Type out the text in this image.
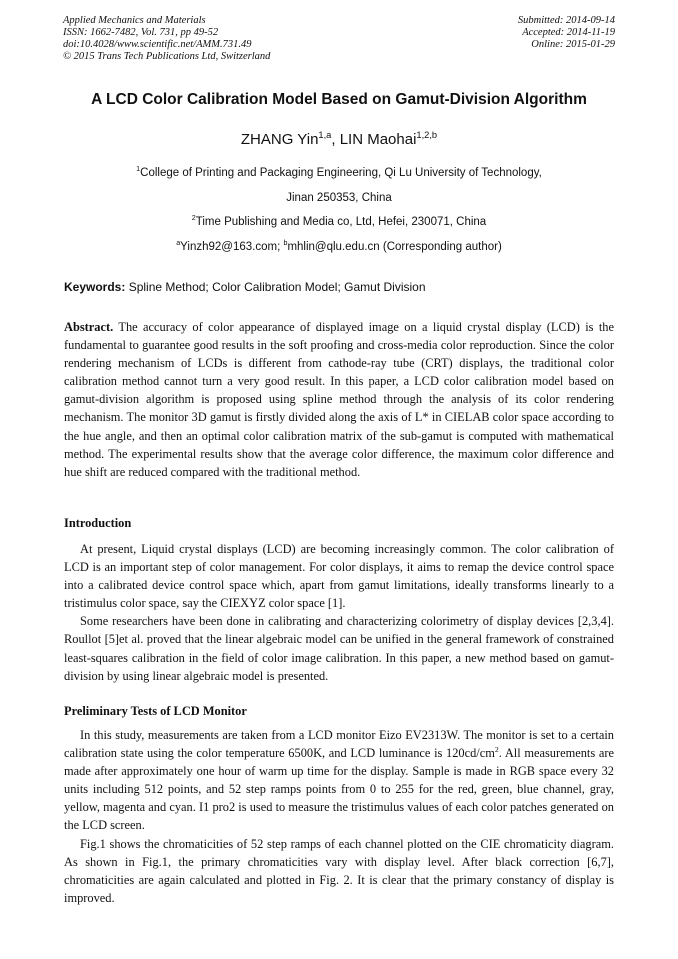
Applied Mechanics and Materials
ISSN: 1662-7482, Vol. 731, pp 49-52
doi:10.4028/www.scientific.net/AMM.731.49
© 2015 Trans Tech Publications Ltd, Switzerland
Submitted: 2014-09-14
Accepted: 2014-11-19
Online: 2015-01-29
A LCD Color Calibration Model Based on Gamut-Division Algorithm
ZHANG Yin$^{1,a}$, LIN Maohai$^{1,2,b}$
$^1$College of Printing and Packaging Engineering, Qi Lu University of Technology,
Jinan 250353, China
$^2$Time Publishing and Media co, Ltd, Hefei, 230071, China
$^a$Yinzh92@163.com; $^b$mhlin@qlu.edu.cn (Corresponding author)
Keywords: Spline Method; Color Calibration Model; Gamut Division

Abstract. The accuracy of color appearance of displayed image on a liquid crystal display (LCD) is the fundamental to guarantee good results in the soft proofing and cross-media color reproduction. Since the color rendering mechanism of LCDs is different from cathode-ray tube (CRT) displays, the traditional color calibration method cannot turn a very good result. In this paper, a LCD color calibration model based on gamut-division algorithm is proposed using spline method through the analysis of its color rendering mechanism. The monitor 3D gamut is firstly divided along the axis of L* in CIELAB color space according to the hue angle, and then an optimal color calibration matrix of the sub-gamut is computed with mathematical method. The experimental results show that the average color difference, the maximum color difference and hue shift are reduced compared with the traditional method.

Introduction

At present, Liquid crystal displays (LCD) are becoming increasingly common. The color calibration of LCD is an important step of color management. For color displays, it aims to remap the device control space into a calibrated device control space which, apart from gamut limitations, ideally transforms linearly to a tristimulus color space, say the CIEXYZ color space [1].

Some researchers have been done in calibrating and characterizing colorimetry of display devices [2,3,4]. Roullot [5]et al. proved that the linear algebraic model can be unified in the general framework of constrained least-squares calibration in the field of color image calibration. In this paper, a new method based on gamut-division by using linear algebraic model is presented.

Preliminary Tests of LCD Monitor

In this study, measurements are taken from a LCD monitor Eizo EV2313W. The monitor is set to a certain calibration state using the color temperature 6500K, and LCD luminance is $120cd/cm^2$. All measurements are made after approximately one hour of warm up time for the display. Sample is made in RGB space every 32 units including 512 points, and 52 step ramps points from 0 to 255 for the red, green, blue channel, gray, yellow, magenta and cyan. I1 pro2 is used to measure the tristimulus values of each color patches generated on the LCD screen.

Fig.1 shows the chromaticities of 52 step ramps of each channel plotted on the CIE chromaticity diagram. As shown in Fig.1, the primary chromaticities vary with display level. After black correction [6,7], chromaticities are again calculated and plotted in Fig. 2. It is clear that the primary constancy of display is improved.
